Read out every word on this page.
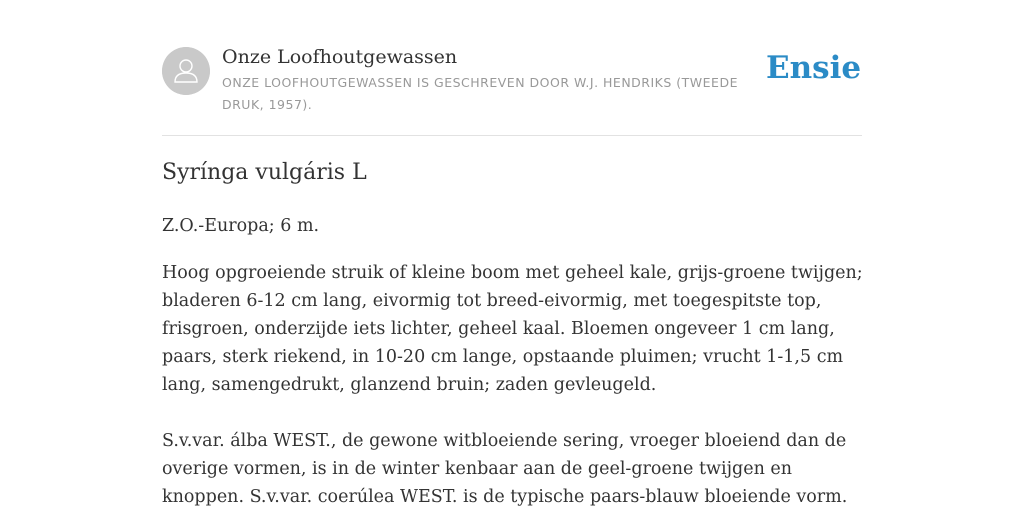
Onze Loofhoutgewassen
ONZE LOOFHOUTGEWASSEN IS GESCHREVEN DOOR W.J. HENDRIKS (TWEEDE DRUK, 1957).
Ensie
Syrínga vulgáris L

Z.O.-Europa; 6 m.

Hoog opgroeiende struik of kleine boom met geheel kale, grijs-groene twijgen; bladeren 6-12 cm lang, eivormig tot breed-eivormig, met toegespitste top, frisgroen, onderzijde iets lichter, geheel kaal. Bloemen ongeveer 1 cm lang, paars, sterk riekend, in 10-20 cm lange, opstaande pluimen; vrucht 1-1,5 cm lang, samengedrukt, glanzend bruin; zaden gevleugeld.

S.v.var. álba WEST., de gewone witbloeiende sering, vroeger bloeiend dan de overige vormen, is in de winter kenbaar aan de geel-groene twijgen en knoppen. S.v.var. coerúlea WEST. is de typische paars-blauw bloeiende vorm.
